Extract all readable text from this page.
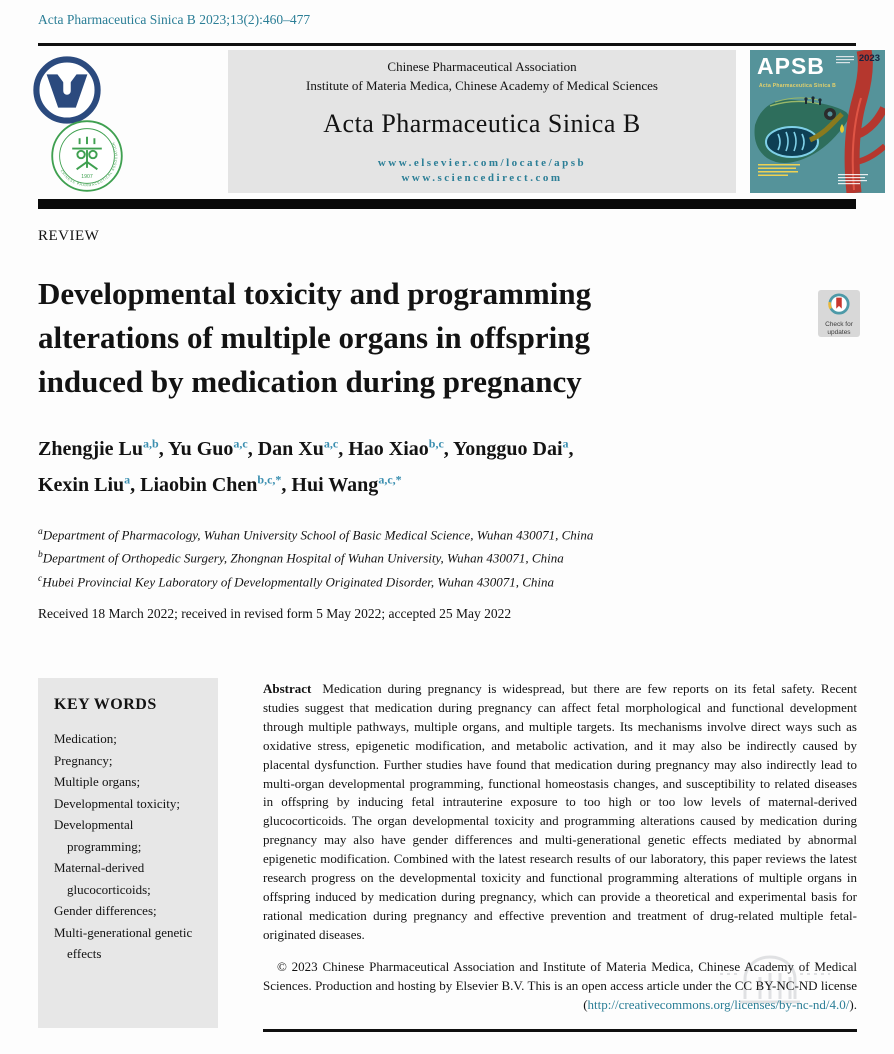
Acta Pharmaceutica Sinica B 2023;13(2):460–477
CHINESE PHARMACEUTICAL ASSOCIATION
1907
Chinese Pharmaceutical Association
Institute of Materia Medica, Chinese Academy of Medical Sciences
Acta Pharmaceutica Sinica B
www.elsevier.com/locate/apsb
www.sciencedirect.com
APSB
Acta Pharmaceutica Sinica B
2023
REVIEW
Developmental toxicity and programming
alterations of multiple organs in offspring
induced by medication during pregnancy
Check for
updates
Zhengjie Lu$^{a,b}$, Yu Guo$^{a,c}$, Dan Xu$^{a,c}$, Hao Xiao$^{b,c}$, Yongguo Dai$^a$,
Kexin Liu$^a$, Liaobin Chen$^{b,c,*}$, Hui Wang$^{a,c,*}$
$^a$Department of Pharmacology, Wuhan University School of Basic Medical Science, Wuhan 430071, China
$^b$Department of Orthopedic Surgery, Zhongnan Hospital of Wuhan University, Wuhan 430071, China
$^c$Hubei Provincial Key Laboratory of Developmentally Originated Disorder, Wuhan 430071, China
Received 18 March 2022; received in revised form 5 May 2022; accepted 25 May 2022
KEY WORDS
Medication;
Pregnancy;
Multiple organs;
Developmental toxicity;
Developmental programming;
Maternal-derived glucocorticoids;
Gender differences;
Multi-generational genetic effects
Abstract Medication during pregnancy is widespread, but there are few reports on its fetal safety. Recent studies suggest that medication during pregnancy can affect fetal morphological and functional development through multiple pathways, multiple organs, and multiple targets. Its mechanisms involve direct ways such as oxidative stress, epigenetic modification, and metabolic activation, and it may also be indirectly caused by placental dysfunction. Further studies have found that medication during pregnancy may also indirectly lead to multi-organ developmental programming, functional homeostasis changes, and susceptibility to related diseases in offspring by inducing fetal intrauterine exposure to too high or too low levels of maternal-derived glucocorticoids. The organ developmental toxicity and programming alterations caused by medication during pregnancy may also have gender differences and multi-generational genetic effects mediated by abnormal epigenetic modification. Combined with the latest research results of our laboratory, this paper reviews the latest research progress on the developmental toxicity and functional programming alterations of multiple organs in offspring induced by medication during pregnancy, which can provide a theoretical and experimental basis for rational medication during pregnancy and effective prevention and treatment of drug-related multiple fetal-originated diseases.
© 2023 Chinese Pharmaceutical Association and Institute of Materia Medica, Chinese Academy of Medical Sciences. Production and hosting by Elsevier B.V. This is an open access article under the CC BY-NC-ND license (http://creativecommons.org/licenses/by-nc-nd/4.0/).
